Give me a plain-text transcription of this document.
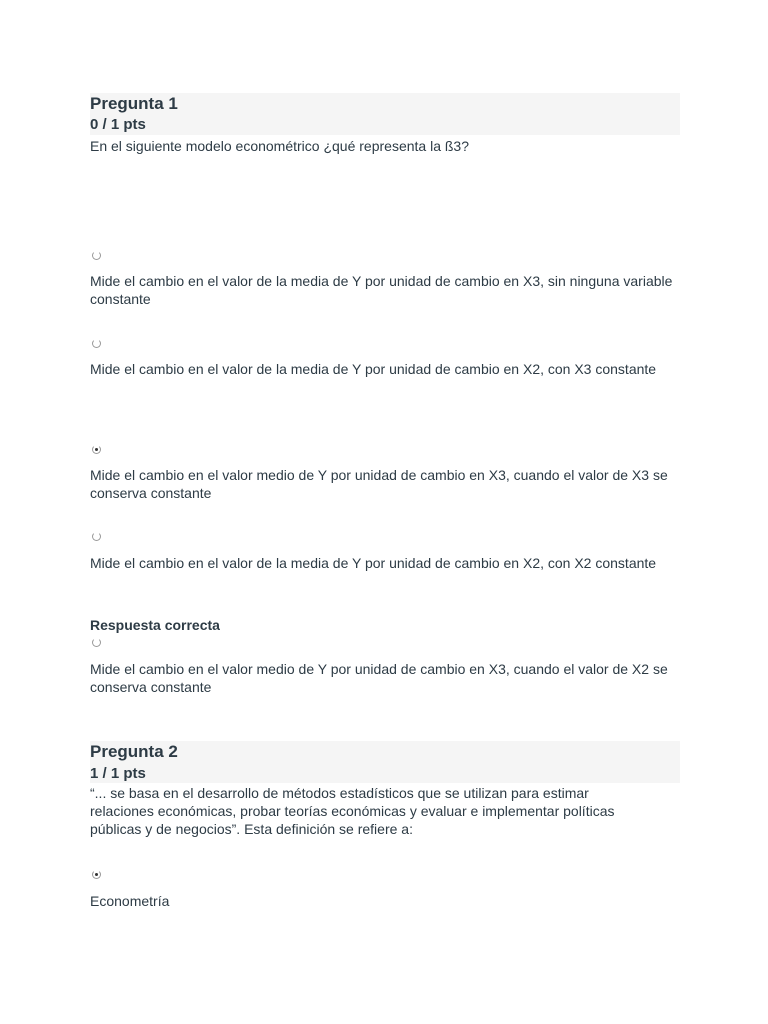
Pregunta 1
0 / 1 pts
En el siguiente modelo econométrico ¿qué representa la ß3?
Mide el cambio en el valor de la media de Y por unidad de cambio en X3, sin ninguna variable constante
Mide el cambio en el valor de la media de Y por unidad de cambio en X2, con X3 constante
Mide el cambio en el valor medio de Y por unidad de cambio en X3, cuando el valor de X3 se conserva constante
Mide el cambio en el valor de la media de Y por unidad de cambio en X2, con X2 constante
Respuesta correcta
Mide el cambio en el valor medio de Y por unidad de cambio en X3, cuando el valor de X2 se conserva constante
Pregunta 2
1 / 1 pts
“... se basa en el desarrollo de métodos estadísticos que se utilizan para estimar
relaciones económicas, probar teorías económicas y evaluar e implementar políticas
públicas y de negocios”. Esta definición se refiere a:
Econometría
